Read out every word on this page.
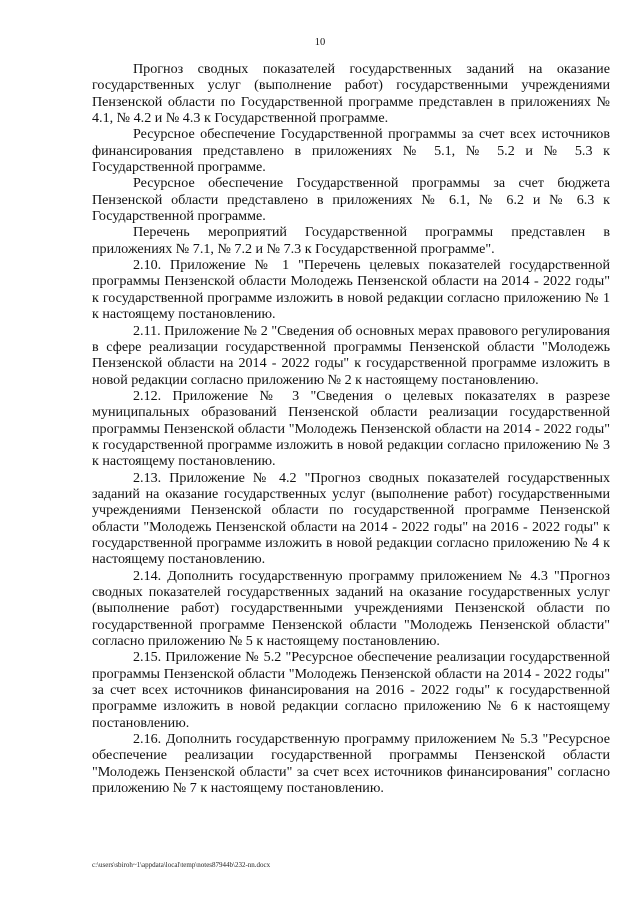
10

Прогноз сводных показателей государственных заданий на оказание государственных услуг (выполнение работ) государственными учреждениями Пензенской области по Государственной программе представлен в приложениях № 4.1, № 4.2 и № 4.3 к Государственной программе.

Ресурсное обеспечение Государственной программы за счет всех источников финансирования представлено в приложениях № 5.1, № 5.2 и № 5.3 к Государственной программе.

Ресурсное обеспечение Государственной программы за счет бюджета Пензенской области представлено в приложениях № 6.1, № 6.2 и № 6.3 к Государственной программе.

Перечень мероприятий Государственной программы представлен в приложениях № 7.1, № 7.2 и № 7.3 к Государственной программе".

2.10. Приложение № 1 "Перечень целевых показателей государственной программы Пензенской области Молодежь Пензенской области на 2014 - 2022 годы" к государственной программе изложить в новой редакции согласно приложению № 1 к настоящему постановлению.

2.11. Приложение № 2 "Сведения об основных мерах правового регулирования в сфере реализации государственной программы Пензенской области "Молодежь Пензенской области на 2014 - 2022 годы" к государственной программе изложить в новой редакции согласно приложению № 2 к настоящему постановлению.

2.12. Приложение № 3 "Сведения о целевых показателях в разрезе муниципальных образований Пензенской области реализации государственной программы Пензенской области "Молодежь Пензенской области на 2014 - 2022 годы" к государственной программе изложить в новой редакции согласно приложению № 3 к настоящему постановлению.

2.13. Приложение № 4.2 "Прогноз сводных показателей государственных заданий на оказание государственных услуг (выполнение работ) государственными учреждениями Пензенской области по государственной программе Пензенской области "Молодежь Пензенской области на 2014 - 2022 годы" на 2016 - 2022 годы" к государственной программе изложить в новой редакции согласно приложению № 4 к настоящему постановлению.

2.14. Дополнить государственную программу приложением № 4.3 "Прогноз сводных показателей государственных заданий на оказание государственных услуг (выполнение работ) государственными учреждениями Пензенской области по государственной программе Пензенской области "Молодежь Пензенской области" согласно приложению № 5 к настоящему постановлению.

2.15. Приложение № 5.2 "Ресурсное обеспечение реализации государственной программы Пензенской области "Молодежь Пензенской области на 2014 - 2022 годы" за счет всех источников финансирования на 2016 - 2022 годы" к государственной программе изложить в новой редакции согласно приложению № 6 к настоящему постановлению.

2.16. Дополнить государственную программу приложением № 5.3 "Ресурсное обеспечение реализации государственной программы Пензенской области "Молодежь Пензенской области" за счет всех источников финансирования" согласно приложению № 7 к настоящему постановлению.

c:\users\sbiroh~1\appdata\local\temp\notes87944b\232-nn.docx
